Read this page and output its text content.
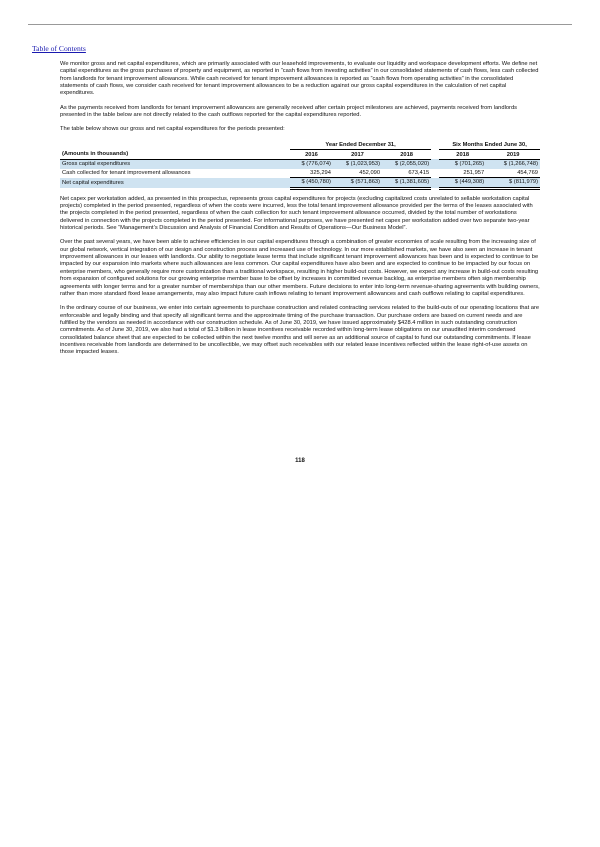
Table of Contents

We monitor gross and net capital expenditures, which are primarily associated with our leasehold improvements, to evaluate our liquidity and workspace development efforts. We define net capital expenditures as the gross purchases of property and equipment, as reported in “cash flows from investing activities” in our consolidated statements of cash flows, less cash collected from landlords for tenant improvement allowances. While cash received for tenant improvement allowances is reported as “cash flows from operating activities” in the consolidated statements of cash flows, we consider cash received for tenant improvement allowances to be a reduction against our gross capital expenditures in the calculation of net capital expenditures.

As the payments received from landlords for tenant improvement allowances are generally received after certain project milestones are achieved, payments received from landlords presented in the table below are not directly related to the cash outflows reported for the capital expenditures reported.

The table below shows our gross and net capital expenditures for the periods presented:

	Year Ended December 31,				Six Months Ended June 30,	
(Amounts in thousands)	2016	2017	2018		2018	2019
Gross capital expenditures	$ (776,074)	$ (1,023,953)	$ (2,055,020)		$ (701,265)	$ (1,266,748)
Cash collected for tenant improvement allowances	325,294	452,090	673,415		251,957	454,769
Net capital expenditures	$ (450,780)	$ (571,863)	$ (1,381,605)		$ (449,308)	$ (811,979)

Net capex per workstation added, as presented in this prospectus, represents gross capital expenditures for projects (excluding capitalized costs unrelated to sellable workstation capital projects) completed in the period presented, regardless of when the costs were incurred, less the total tenant improvement allowance provided per the terms of the leases associated with the projects completed in the period presented, regardless of when the cash collection for such tenant improvement allowance occurred, divided by the total number of workstations delivered in connection with the projects completed in the period presented. For informational purposes, we have presented net capex per workstation added over two separate two-year historical periods. See “Management’s Discussion and Analysis of Financial Condition and Results of Operations—Our Business Model”.

Over the past several years, we have been able to achieve efficiencies in our capital expenditures through a combination of greater economies of scale resulting from the increasing size of our global network, vertical integration of our design and construction process and increased use of technology. In our more established markets, we have also seen an increase in tenant improvement allowances in our leases with landlords. Our ability to negotiate lease terms that include significant tenant improvement allowances has been and is expected to continue to be impacted by our expansion into markets where such allowances are less common. Our capital expenditures have also been and are expected to continue to be impacted by our focus on enterprise members, who generally require more customization than a traditional workspace, resulting in higher build-out costs. However, we expect any increase in build-out costs resulting from expansion of configured solutions for our growing enterprise member base to be offset by increases in committed revenue backlog, as enterprise members often sign membership agreements with longer terms and for a greater number of memberships than our other members. Future decisions to enter into long-term revenue-sharing agreements with building owners, rather than more standard fixed lease arrangements, may also impact future cash inflows relating to tenant improvement allowances and cash outflows relating to capital expenditures.

In the ordinary course of our business, we enter into certain agreements to purchase construction and related contracting services related to the build-outs of our operating locations that are enforceable and legally binding and that specify all significant terms and the approximate timing of the purchase transaction. Our purchase orders are based on current needs and are fulfilled by the vendors as needed in accordance with our construction schedule. As of June 30, 2019, we have issued approximately $428.4 million in such outstanding construction commitments. As of June 30, 2019, we also had a total of $1.3 billion in lease incentives receivable recorded within long-term lease obligations on our unaudited interim condensed consolidated balance sheet that are expected to be collected within the next twelve months and will serve as an additional source of capital to fund our outstanding commitments. If lease incentives receivable from landlords are determined to be uncollectible, we may offset such receivables with our related lease incentives reflected within the lease right-of-use assets on those impacted leases.

118
